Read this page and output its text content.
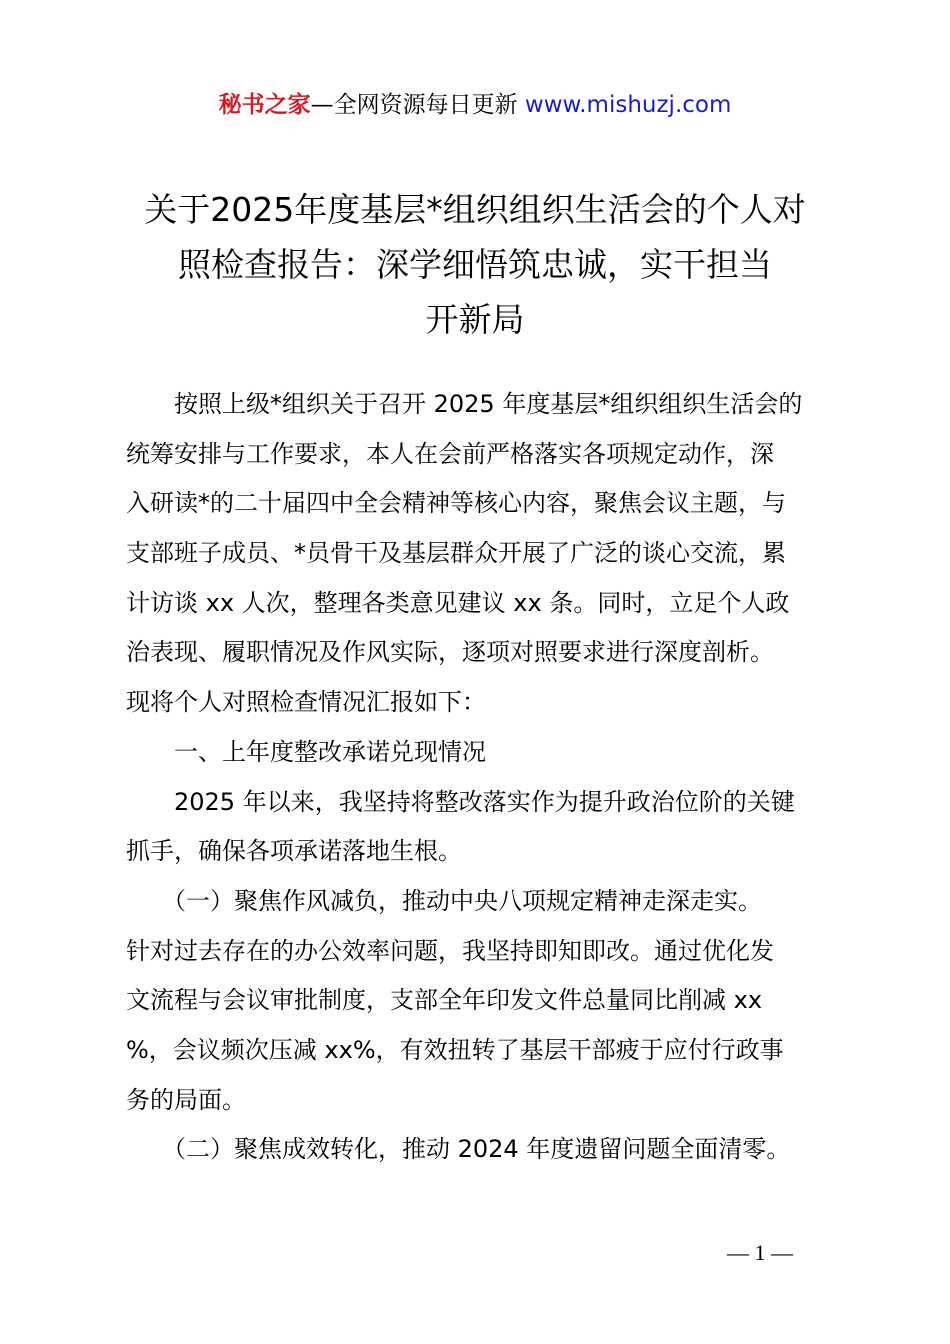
秘书之家—全网资源每日更新 www.mishuzj.com
关于2025年度基层*组织组织生活会的个人对
照检查报告：深学细悟筑忠诚，实干担当
开新局
　　按照上级*组织关于召开 2025 年度基层*组织组织生活会的
统筹安排与工作要求，本人在会前严格落实各项规定动作，深
入研读*的二十届四中全会精神等核心内容，聚焦会议主题，与
支部班子成员、*员骨干及基层群众开展了广泛的谈心交流，累
计访谈 xx 人次，整理各类意见建议 xx 条。同时，立足个人政
治表现、履职情况及作风实际，逐项对照要求进行深度剖析。
现将个人对照检查情况汇报如下：
　　一、上年度整改承诺兑现情况
　　2025 年以来，我坚持将整改落实作为提升政治位阶的关键
抓手，确保各项承诺落地生根。
　　（一）聚焦作风减负，推动中央八项规定精神走深走实。
针对过去存在的办公效率问题，我坚持即知即改。通过优化发
文流程与会议审批制度，支部全年印发文件总量同比削减 xx
%，会议频次压减 xx%，有效扭转了基层干部疲于应付行政事
务的局面。
　　（二）聚焦成效转化，推动 2024 年度遗留问题全面清零。
— 1 —
